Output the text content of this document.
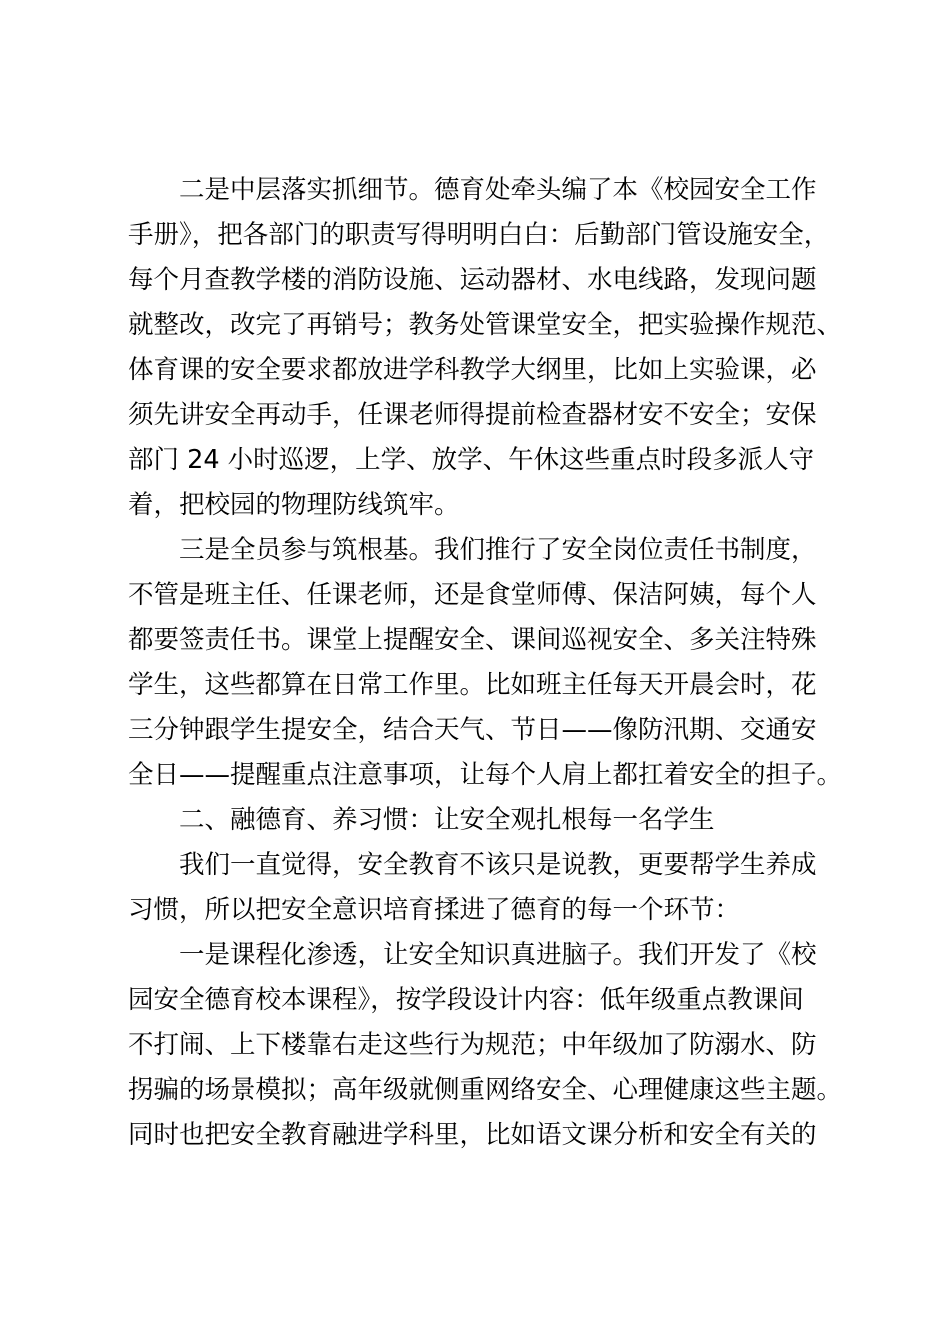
二是中层落实抓细节。德育处牵头编了本《校园安全工作
手册》，把各部门的职责写得明明白白：后勤部门管设施安全，
每个月查教学楼的消防设施、运动器材、水电线路，发现问题
就整改，改完了再销号；教务处管课堂安全，把实验操作规范、
体育课的安全要求都放进学科教学大纲里，比如上实验课，必
须先讲安全再动手，任课老师得提前检查器材安不安全；安保
部门 24 小时巡逻，上学、放学、午休这些重点时段多派人守
着，把校园的物理防线筑牢。
三是全员参与筑根基。我们推行了安全岗位责任书制度，
不管是班主任、任课老师，还是食堂师傅、保洁阿姨，每个人
都要签责任书。课堂上提醒安全、课间巡视安全、多关注特殊
学生，这些都算在日常工作里。比如班主任每天开晨会时，花
三分钟跟学生提安全，结合天气、节日——像防汛期、交通安
全日——提醒重点注意事项，让每个人肩上都扛着安全的担子。
二、融德育、养习惯：让安全观扎根每一名学生
我们一直觉得，安全教育不该只是说教，更要帮学生养成
习惯，所以把安全意识培育揉进了德育的每一个环节：
一是课程化渗透，让安全知识真进脑子。我们开发了《校
园安全德育校本课程》，按学段设计内容：低年级重点教课间
不打闹、上下楼靠右走这些行为规范；中年级加了防溺水、防
拐骗的场景模拟；高年级就侧重网络安全、心理健康这些主题。
同时也把安全教育融进学科里，比如语文课分析和安全有关的
